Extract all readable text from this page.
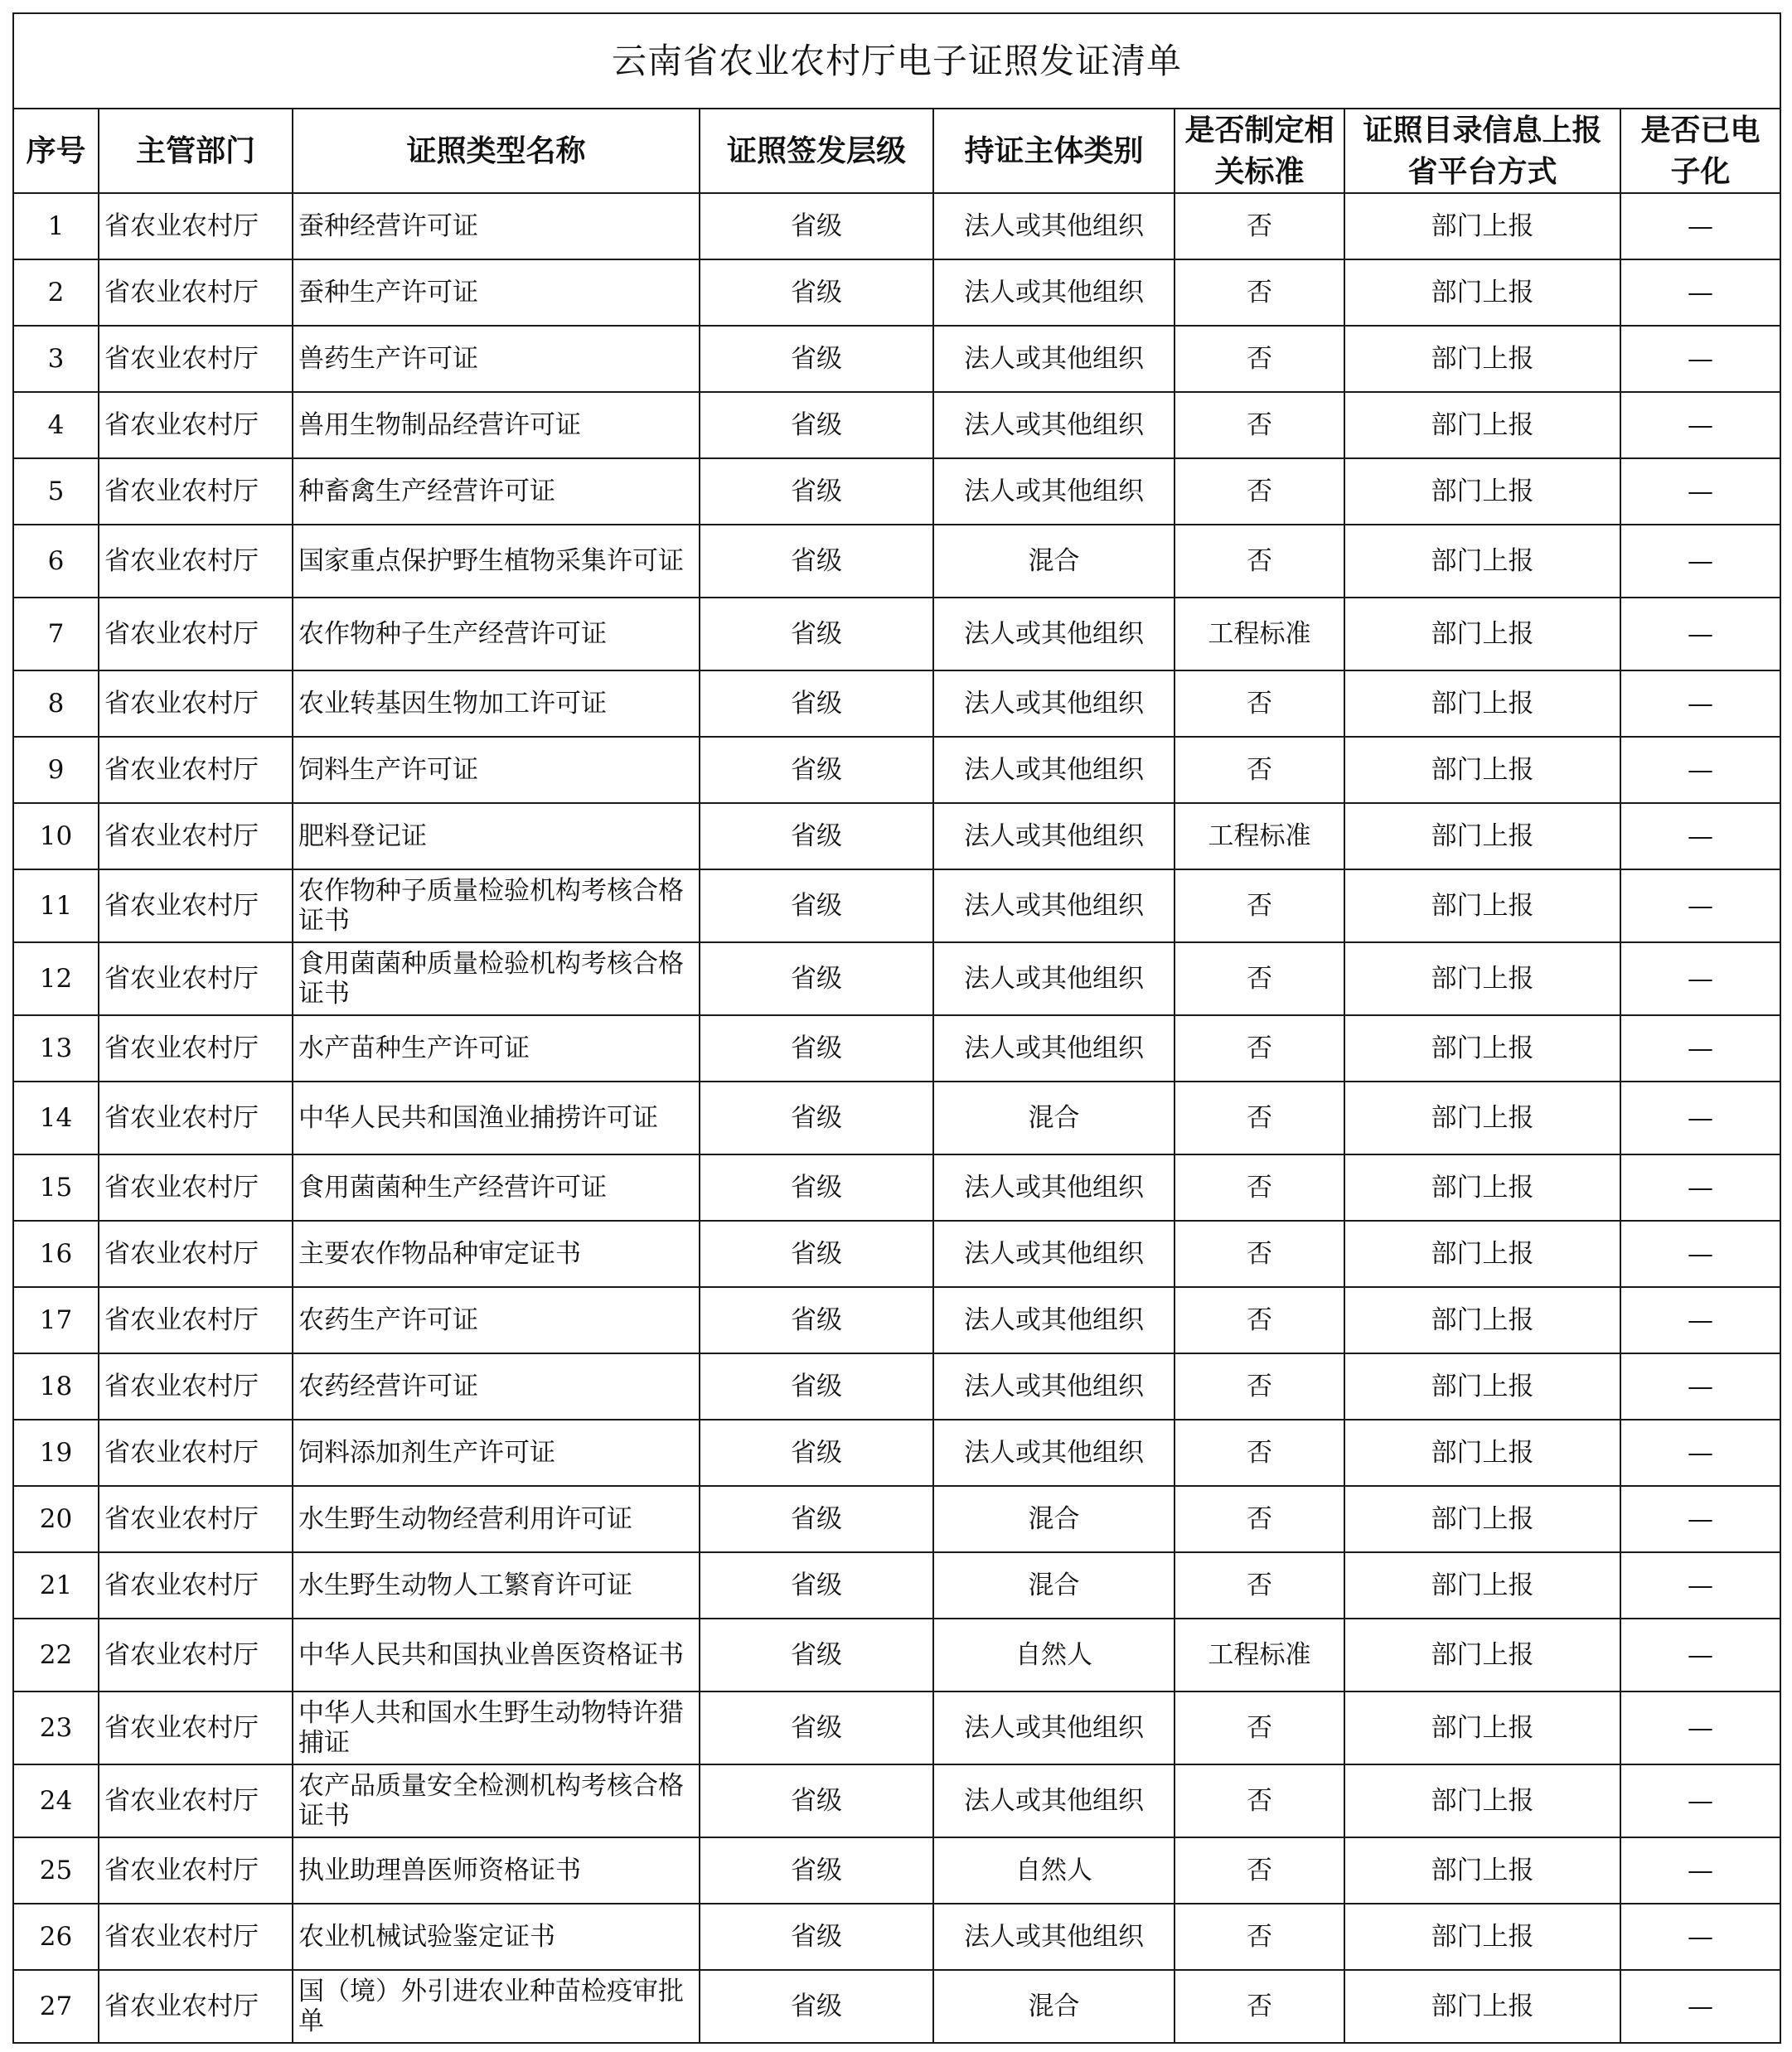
云南省农业农村厅电子证照发证清单							
序号	主管部门	证照类型名称	证照签发层级	持证主体类别	是否制定相关标准	证照目录信息上报省平台方式	是否已电子化
1	省农业农村厅	蚕种经营许可证	省级	法人或其他组织	否	部门上报	—
2	省农业农村厅	蚕种生产许可证	省级	法人或其他组织	否	部门上报	—
3	省农业农村厅	兽药生产许可证	省级	法人或其他组织	否	部门上报	—
4	省农业农村厅	兽用生物制品经营许可证	省级	法人或其他组织	否	部门上报	—
5	省农业农村厅	种畜禽生产经营许可证	省级	法人或其他组织	否	部门上报	—
6	省农业农村厅	国家重点保护野生植物采集许可证	省级	混合	否	部门上报	—
7	省农业农村厅	农作物种子生产经营许可证	省级	法人或其他组织	工程标准	部门上报	—
8	省农业农村厅	农业转基因生物加工许可证	省级	法人或其他组织	否	部门上报	—
9	省农业农村厅	饲料生产许可证	省级	法人或其他组织	否	部门上报	—
10	省农业农村厅	肥料登记证	省级	法人或其他组织	工程标准	部门上报	—
11	省农业农村厅	农作物种子质量检验机构考核合格证书	省级	法人或其他组织	否	部门上报	—
12	省农业农村厅	食用菌菌种质量检验机构考核合格证书	省级	法人或其他组织	否	部门上报	—
13	省农业农村厅	水产苗种生产许可证	省级	法人或其他组织	否	部门上报	—
14	省农业农村厅	中华人民共和国渔业捕捞许可证	省级	混合	否	部门上报	—
15	省农业农村厅	食用菌菌种生产经营许可证	省级	法人或其他组织	否	部门上报	—
16	省农业农村厅	主要农作物品种审定证书	省级	法人或其他组织	否	部门上报	—
17	省农业农村厅	农药生产许可证	省级	法人或其他组织	否	部门上报	—
18	省农业农村厅	农药经营许可证	省级	法人或其他组织	否	部门上报	—
19	省农业农村厅	饲料添加剂生产许可证	省级	法人或其他组织	否	部门上报	—
20	省农业农村厅	水生野生动物经营利用许可证	省级	混合	否	部门上报	—
21	省农业农村厅	水生野生动物人工繁育许可证	省级	混合	否	部门上报	—
22	省农业农村厅	中华人民共和国执业兽医资格证书	省级	自然人	工程标准	部门上报	—
23	省农业农村厅	中华人共和国水生野生动物特许猎捕证	省级	法人或其他组织	否	部门上报	—
24	省农业农村厅	农产品质量安全检测机构考核合格证书	省级	法人或其他组织	否	部门上报	—
25	省农业农村厅	执业助理兽医师资格证书	省级	自然人	否	部门上报	—
26	省农业农村厅	农业机械试验鉴定证书	省级	法人或其他组织	否	部门上报	—
27	省农业农村厅	国（境）外引进农业种苗检疫审批单	省级	混合	否	部门上报	—
